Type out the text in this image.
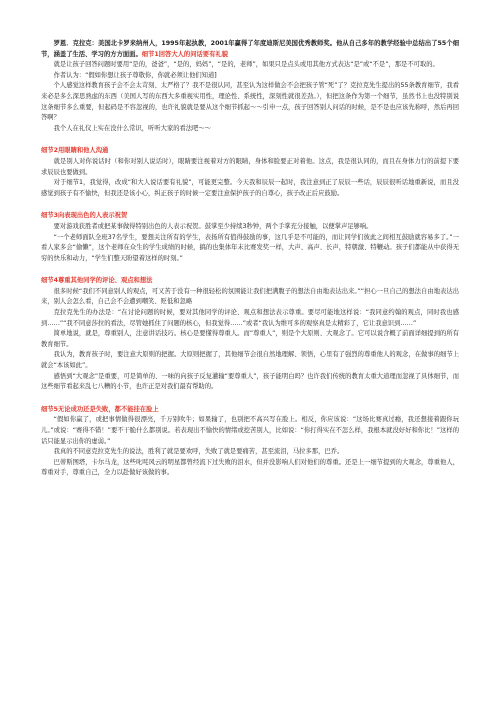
罗恩．克拉克：美国北卡罗来纳州人，1995年起执教，2001年赢得了年度迪斯尼美国优秀教师奖。他从自己多年的教学经验中总结出了55个细节，涵盖了生活、学习的方方面面。细节1回答大人的问话要有礼貌

就是让孩子回答问题时要用“是的，爸爸”，“是的，妈妈”，“是的，老师”，如果只是点头或用其他方式表达“是”或“不是”，那是不可取的。

作者认为：“假如你想让孩子尊敬你，你就必须让他们知道]

个人感觉这样教育孩子会不会太苛刻、太严格了？我不是很认同，甚至认为这样做会不会把孩子管“死”了？克拉克先生提出的55条教育细节，我看来必是多么深思熟虑的东西（美国人写的东西大多重视实用性，理论性、系统性，深刻性就很差劲。），但把这条作为第一个细节，虽然书上也没特别说这条细节多么重要，但起码是不容忽视的，也许礼貌就是要从这个细节抓起～～引申一点，孩子回答别人问话的时候，是不是也应该先称呼，然后再回答啊？

我个人在礼仪上实在没什么常识，听听大家的看法吧～～

细节2用眼睛和他人沟通

就是别人对你说话时（和你对别人说话时），眼睛要注视着对方的眼睛，身体和脸要正对着他。这点，我是很认同的，而且在身体力行的前提下要求辰辰也要做到。

对于细节1，我觉得，改成“和大人说话要有礼貌”，可能更完整。今天我和辰辰一起时，我注意到正了辰辰一些话，辰辰很听话地重新说，而且没感觉到孩子有不愉快，但我还是该小心，纠正孩子的时候一定要注意保护孩子的自尊心，孩子改正后应鼓励。

细节3向表现出色的人表示祝贺

要对游戏获胜者或把某事做得特别出色的人表示祝贺。鼓掌至少持续3秒钟，两个手掌充分接触，以便掌声足够响。

“一个老师面队全班37名学生，要想关注所有的学生，表扬所有值得鼓励的事，这几乎是不可能的，而让同学们彼此之间相互鼓励就容易多了。”一看人家多会“偷懒”，这个老师在众生的学生成绩的时候，搞的也集体年末比赛发奖一样，大声、高声、长声，特朝激、特鞭动。孩子们都能从中获得无穷的快乐和动力，“学生们整天盼望着这样的时刻。”

细节4尊重其他同学的评论、观点和想法

很多时候“我们不同意别人的观点，可又苦于没有一种很轻松的氛围能让我们把满腹子的想法自由地表达出来。”“担心一旦自己的想法自由地表达出来，别人会怎么看，自己会不会遭到嘲笑、贬低和忽略

克拉克先生的办法是：“在讨论问题的时候，要对其他同学的评论、观点和想法表示尊重。要尽可能地这样说：“我同意约翰的观点，同时我也感到……”“我不同意莎拉的看法，尽管她抓住了问题的核心，但我觉得……”或者“我认为维可多的观察真是太精彩了，它让我意识到……”

简单地说，就是，尊重别人，注意讲话技巧。核心是要懂得尊重人。而“尊重人”，则是个大原则、大观念了。它可以说含概了前面详细提到的所有教育细节。

我认为，教育孩子时，要注意大原则的把握。大原则把握了，其他细节会很自然地理解、领悟，心里有了强烈的尊重他人的观念，在做事的细节上就会“本该如此”。

感悟到“大观念”是重要，可是简单的、一味的向孩子反复灌输“要尊重人”，孩子能明白吗？也许我们传统的教育太重大道理而忽视了具体细节，而这些细节看起来乱七八糟的小节，也许正是对我们最有帮助的。

细节5无论成功还是失败，都不能挂在脸上

“假如你赢了，或把事情做得很漂亮，千万别吹牛；如果输了，也别把不高兴写在脸上。相反，你应该说：“这场比赛真过瘾，我还想接着跟你玩儿。”或说：“赛得不错！”要不干脆什么都别说。若表现出不愉快的情绪或挖苦别人，比如说：“你打得实在不怎么样，我根本就没好好和你比！”这样的话只能显示出你的虚弱。”

我真的不同意克拉克先生的说法，胜利了就是要欢呼，失败了就是要痛苦，甚至流泪，马拉多那，巴乔。

巴蒂斯图塔，卡尔马龙，这些叱咤风云的明星都曾经流下过失败的泪水，但并没影响人们对他们的尊重。还是上一细节提到的大观念，尊重他人，尊重对手，尊重自己，全力以赴做好该做的事。
